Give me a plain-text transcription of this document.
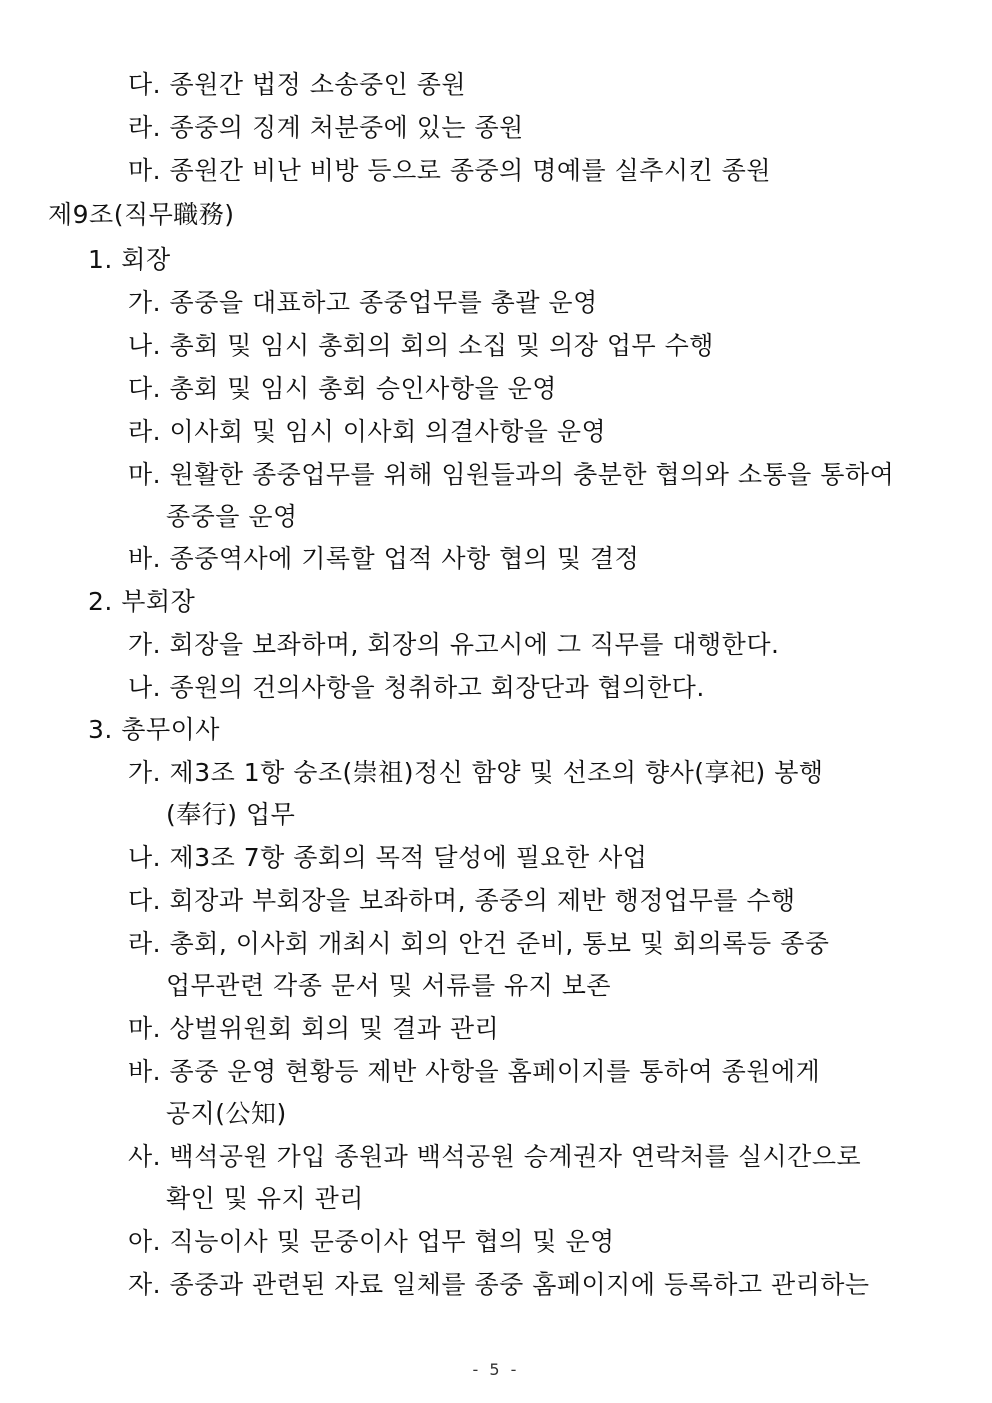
다. 종원간 법정 소송중인 종원
라. 종중의 징계 처분중에 있는 종원
마. 종원간 비난 비방 등으로 종중의 명예를 실추시킨 종원
제9조(직무職務)
1. 회장
가. 종중을 대표하고 종중업무를 총괄 운영
나. 총회 및 임시 총회의 회의 소집 및 의장 업무 수행
다. 총회 및 임시 총회 승인사항을 운영
라. 이사회 및 임시 이사회 의결사항을 운영
마. 원활한 종중업무를 위해 임원들과의 충분한 협의와 소통을 통하여
종중을 운영
바. 종중역사에 기록할 업적 사항 협의 및 결정
2. 부회장
가. 회장을 보좌하며, 회장의 유고시에 그 직무를 대행한다.
나. 종원의 건의사항을 청취하고 회장단과 협의한다.
3. 총무이사
가. 제3조 1항 숭조(崇祖)정신 함양 및 선조의 향사(享祀) 봉행
(奉行) 업무
나. 제3조 7항 종회의 목적 달성에 필요한 사업
다. 회장과 부회장을 보좌하며, 종중의 제반 행정업무를 수행
라. 총회, 이사회 개최시 회의 안건 준비, 통보 및 회의록등 종중
업무관련 각종 문서 및 서류를 유지 보존
마. 상벌위원회 회의 및 결과 관리
바. 종중 운영 현황등 제반 사항을 홈페이지를 통하여 종원에게
공지(公知)
사. 백석공원 가입 종원과 백석공원 승계권자 연락처를 실시간으로
확인 및 유지 관리
아. 직능이사 및 문중이사 업무 협의 및 운영
자. 종중과 관련된 자료 일체를 종중 홈페이지에 등록하고 관리하는
- 5 -
